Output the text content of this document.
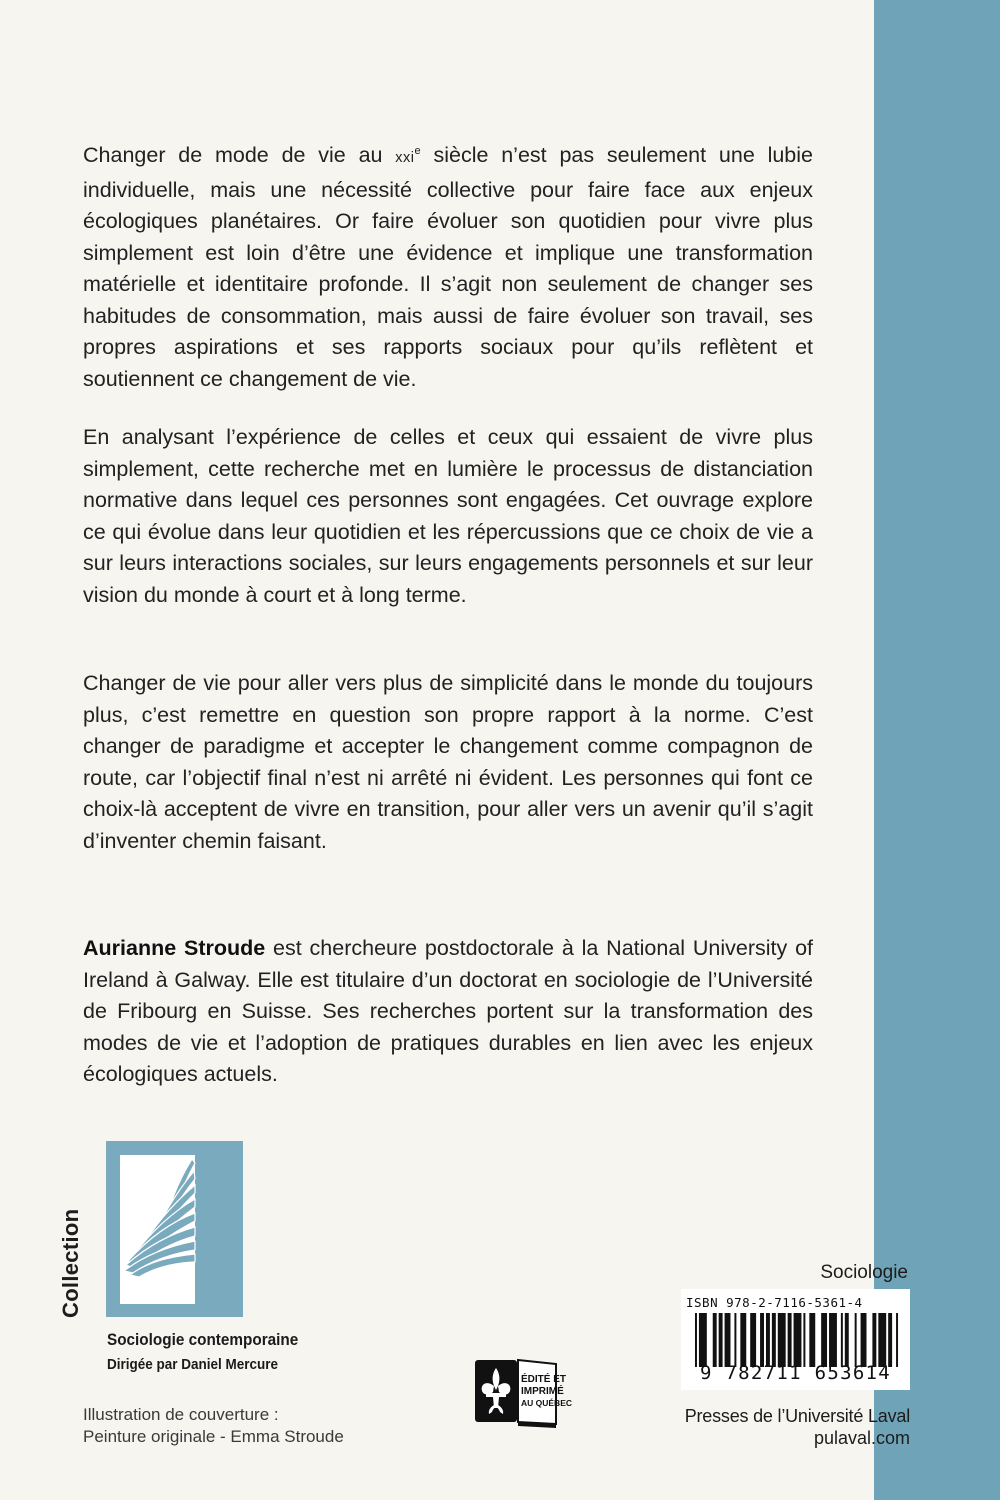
Changer de mode de vie au xxi$^e$ siècle n’est pas seulement une lubie individuelle, mais une nécessité collective pour faire face aux enjeux écologiques planétaires. Or faire évoluer son quotidien pour vivre plus simplement est loin d’être une évidence et implique une transformation matérielle et identitaire profonde. Il s’agit non seulement de changer ses habitudes de consommation, mais aussi de faire évoluer son travail, ses propres aspirations et ses rapports sociaux pour qu’ils reflètent et soutiennent ce changement de vie.

En analysant l’expérience de celles et ceux qui essaient de vivre plus simplement, cette recherche met en lumière le processus de distanciation normative dans lequel ces personnes sont engagées. Cet ouvrage explore ce qui évolue dans leur quotidien et les répercussions que ce choix de vie a sur leurs interactions sociales, sur leurs engagements personnels et sur leur vision du monde à court et à long terme.

Changer de vie pour aller vers plus de simplicité dans le monde du toujours plus, c’est remettre en question son propre rapport à la norme. C’est changer de paradigme et accepter le changement comme compagnon de route, car l’objectif final n’est ni arrêté ni évident. Les personnes qui font ce choix-là acceptent de vivre en transition, pour aller vers un avenir qu’il s’agit d’inventer chemin faisant.

Aurianne Stroude est chercheure postdoctorale à la National University of Ireland à Galway. Elle est titulaire d’un doctorat en sociologie de l’Université de Fribourg en Suisse. Ses recherches portent sur la transformation des modes de vie et l’adoption de pratiques durables en lien avec les enjeux écologiques actuels.

Collection
Sociologie contemporaine
Dirigée par Daniel Mercure
Illustration de couverture :
Peinture originale - Emma Stroude
ÉDITÉ ET
IMPRIMÉ
AU QUÉBEC
Sociologie
ISBN 978-2-7116-5361-4
9 782711 653614
Presses de l’Université Laval
pulaval.com
